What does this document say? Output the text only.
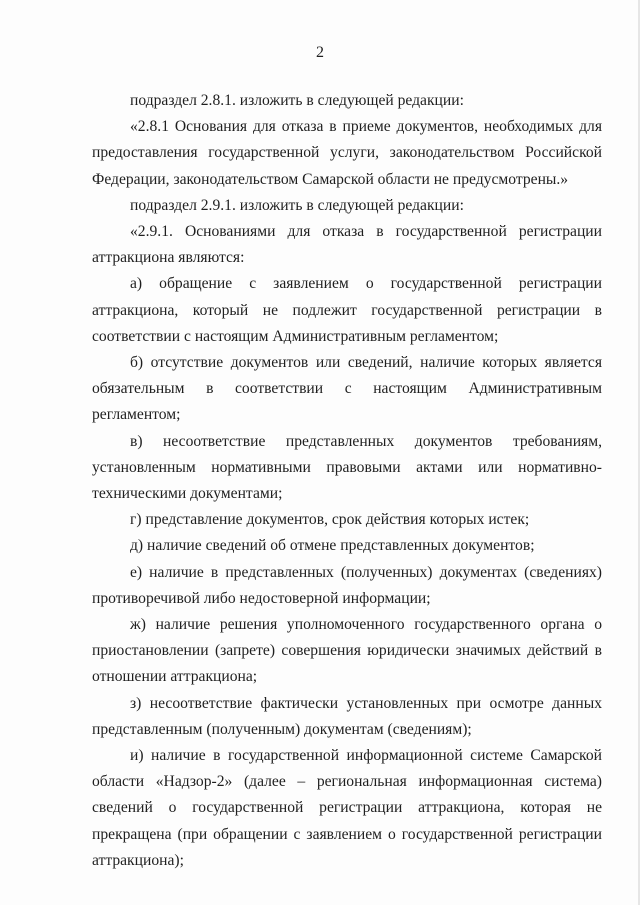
2

подраздел 2.8.1. изложить в следующей редакции:

«2.8.1 Основания для отказа в приеме документов, необходимых для предоставления государственной услуги, законодательством Российской Федерации, законодательством Самарской области не предусмотрены.»

подраздел 2.9.1. изложить в следующей редакции:

«2.9.1. Основаниями для отказа в государственной регистрации аттракциона являются:

а) обращение с заявлением о государственной регистрации аттракциона, который не подлежит государственной регистрации в соответствии с настоящим Административным регламентом;

б) отсутствие документов или сведений, наличие которых является обязательным в соответствии с настоящим Административным регламентом;

в) несоответствие представленных документов требованиям, установленным нормативными правовыми актами или нормативно-техническими документами;

г) представление документов, срок действия которых истек;

д) наличие сведений об отмене представленных документов;

е) наличие в представленных (полученных) документах (сведениях) противоречивой либо недостоверной информации;

ж) наличие решения уполномоченного государственного органа о приостановлении (запрете) совершения юридически значимых действий в отношении аттракциона;

з) несоответствие фактически установленных при осмотре данных представленным (полученным) документам (сведениям);

и) наличие в государственной информационной системе Самарской области «Надзор-2» (далее – региональная информационная система) сведений о государственной регистрации аттракциона, которая не прекращена (при обращении с заявлением о государственной регистрации аттракциона);
